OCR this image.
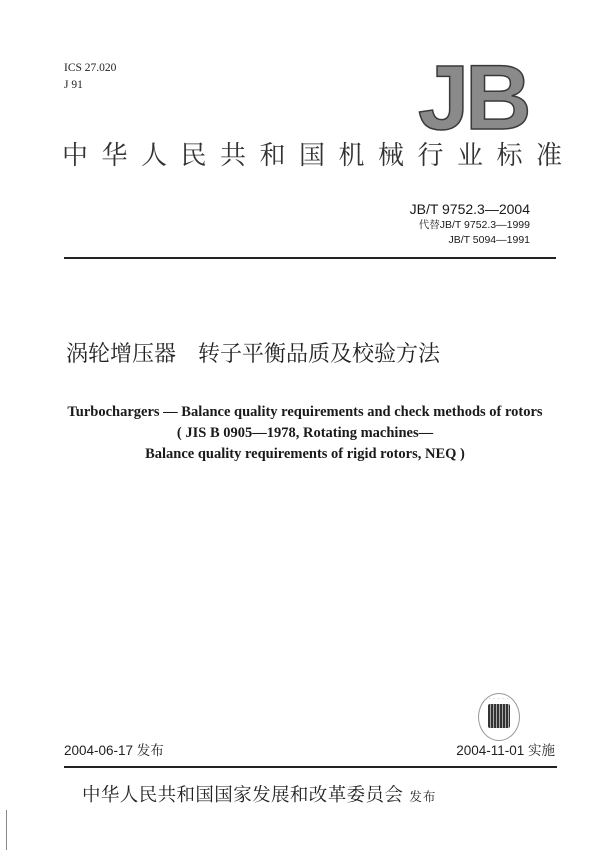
ICS 27.020
J 91	JB
中华人民共和国机械行业标准
JB/T 9752.3—2004
代替JB/T 9752.3—1999
JB/T 5094—1991
涡轮增压器 转子平衡品质及校验方法
Turbochargers — Balance quality requirements and check methods of rotors
( JIS B 0905—1978, Rotating machines—
Balance quality requirements of rigid rotors, NEQ )
· · · · ·
2004-06-17 发布	2004-11-01 实施
中华人民共和国国家发展和改革委员会 发布
